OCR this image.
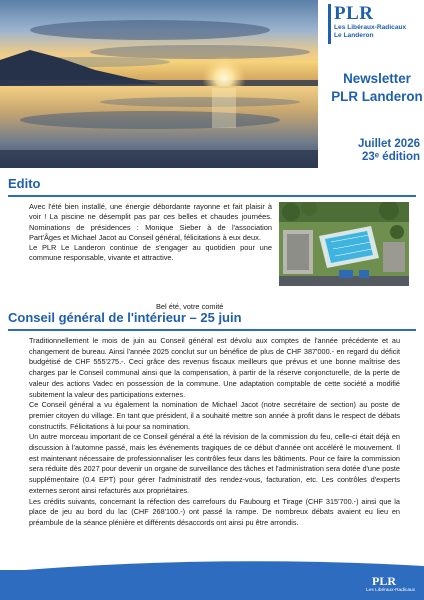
PLR
Les Libéraux-Radicaux
Le Landeron
Newsletter
PLR Landeron
Juillet 2026
23ᵉ édition
Edito

Avec l'été bien installé, une énergie débordante rayonne et fait plaisir à voir ! La piscine ne désemplit pas par ces belles et chaudes journées. Nominations de présidences : Monique Sieber à de l'association Part'Âges et Michael Jacot au Conseil général, félicitations à eux deux.

Le PLR Le Landeron continue de s'engager au quotidien pour une commune responsable, vivante et attractive.

Bel été, votre comité
Conseil général de l'intérieur – 25 juin

Traditionnellement le mois de juin au Conseil général est dévolu aux comptes de l'année précédente et au changement de bureau. Ainsi l'année 2025 conclut sur un bénéfice de plus de CHF 387'000.- en regard du déficit budgétisé de CHF 555'275.-. Ceci grâce des revenus fiscaux meilleurs que prévus et une bonne maîtrise des charges par le Conseil communal ainsi que la compensation, à partir de la réserve conjoncturelle, de la perte de valeur des actions Vadec en possession de la commune. Une adaptation comptable de cette société a modifié subitement la valeur des participations externes.

Ce Conseil général a vu également la nomination de Michael Jacot (notre secrétaire de section) au poste de premier citoyen du village. En tant que président, il a souhaité mettre son année à profit dans le respect de débats constructifs. Félicitations à lui pour sa nomination.

Un autre morceau important de ce Conseil général a été la révision de la commission du feu, celle-ci était déjà en discussion à l'automne passé, mais les événements tragiques de ce début d'année ont accéléré le mouvement. Il est maintenant nécessaire de professionnaliser les contrôles feux dans les bâtiments. Pour ce faire la commission sera réduite dès 2027 pour devenir un organe de surveillance des tâches et l'administration sera dotée d'une poste supplémentaire (0.4 EPT) pour gérer l'administratif des rendez-vous, facturation, etc. Les contrôles d'experts externes seront ainsi refacturés aux propriétaires.

Les crédits suivants, concernant la réfection des carrefours du Faubourg et Tirage (CHF 315'700.-) ainsi que la place de jeu au bord du lac (CHF 268'100.-) ont passé la rampe. De nombreux débats avaient eu lieu en préambule de la séance plénière et différents désaccords ont ainsi pu être arrondis.

PLR
Les Libéraux-Radicaux
